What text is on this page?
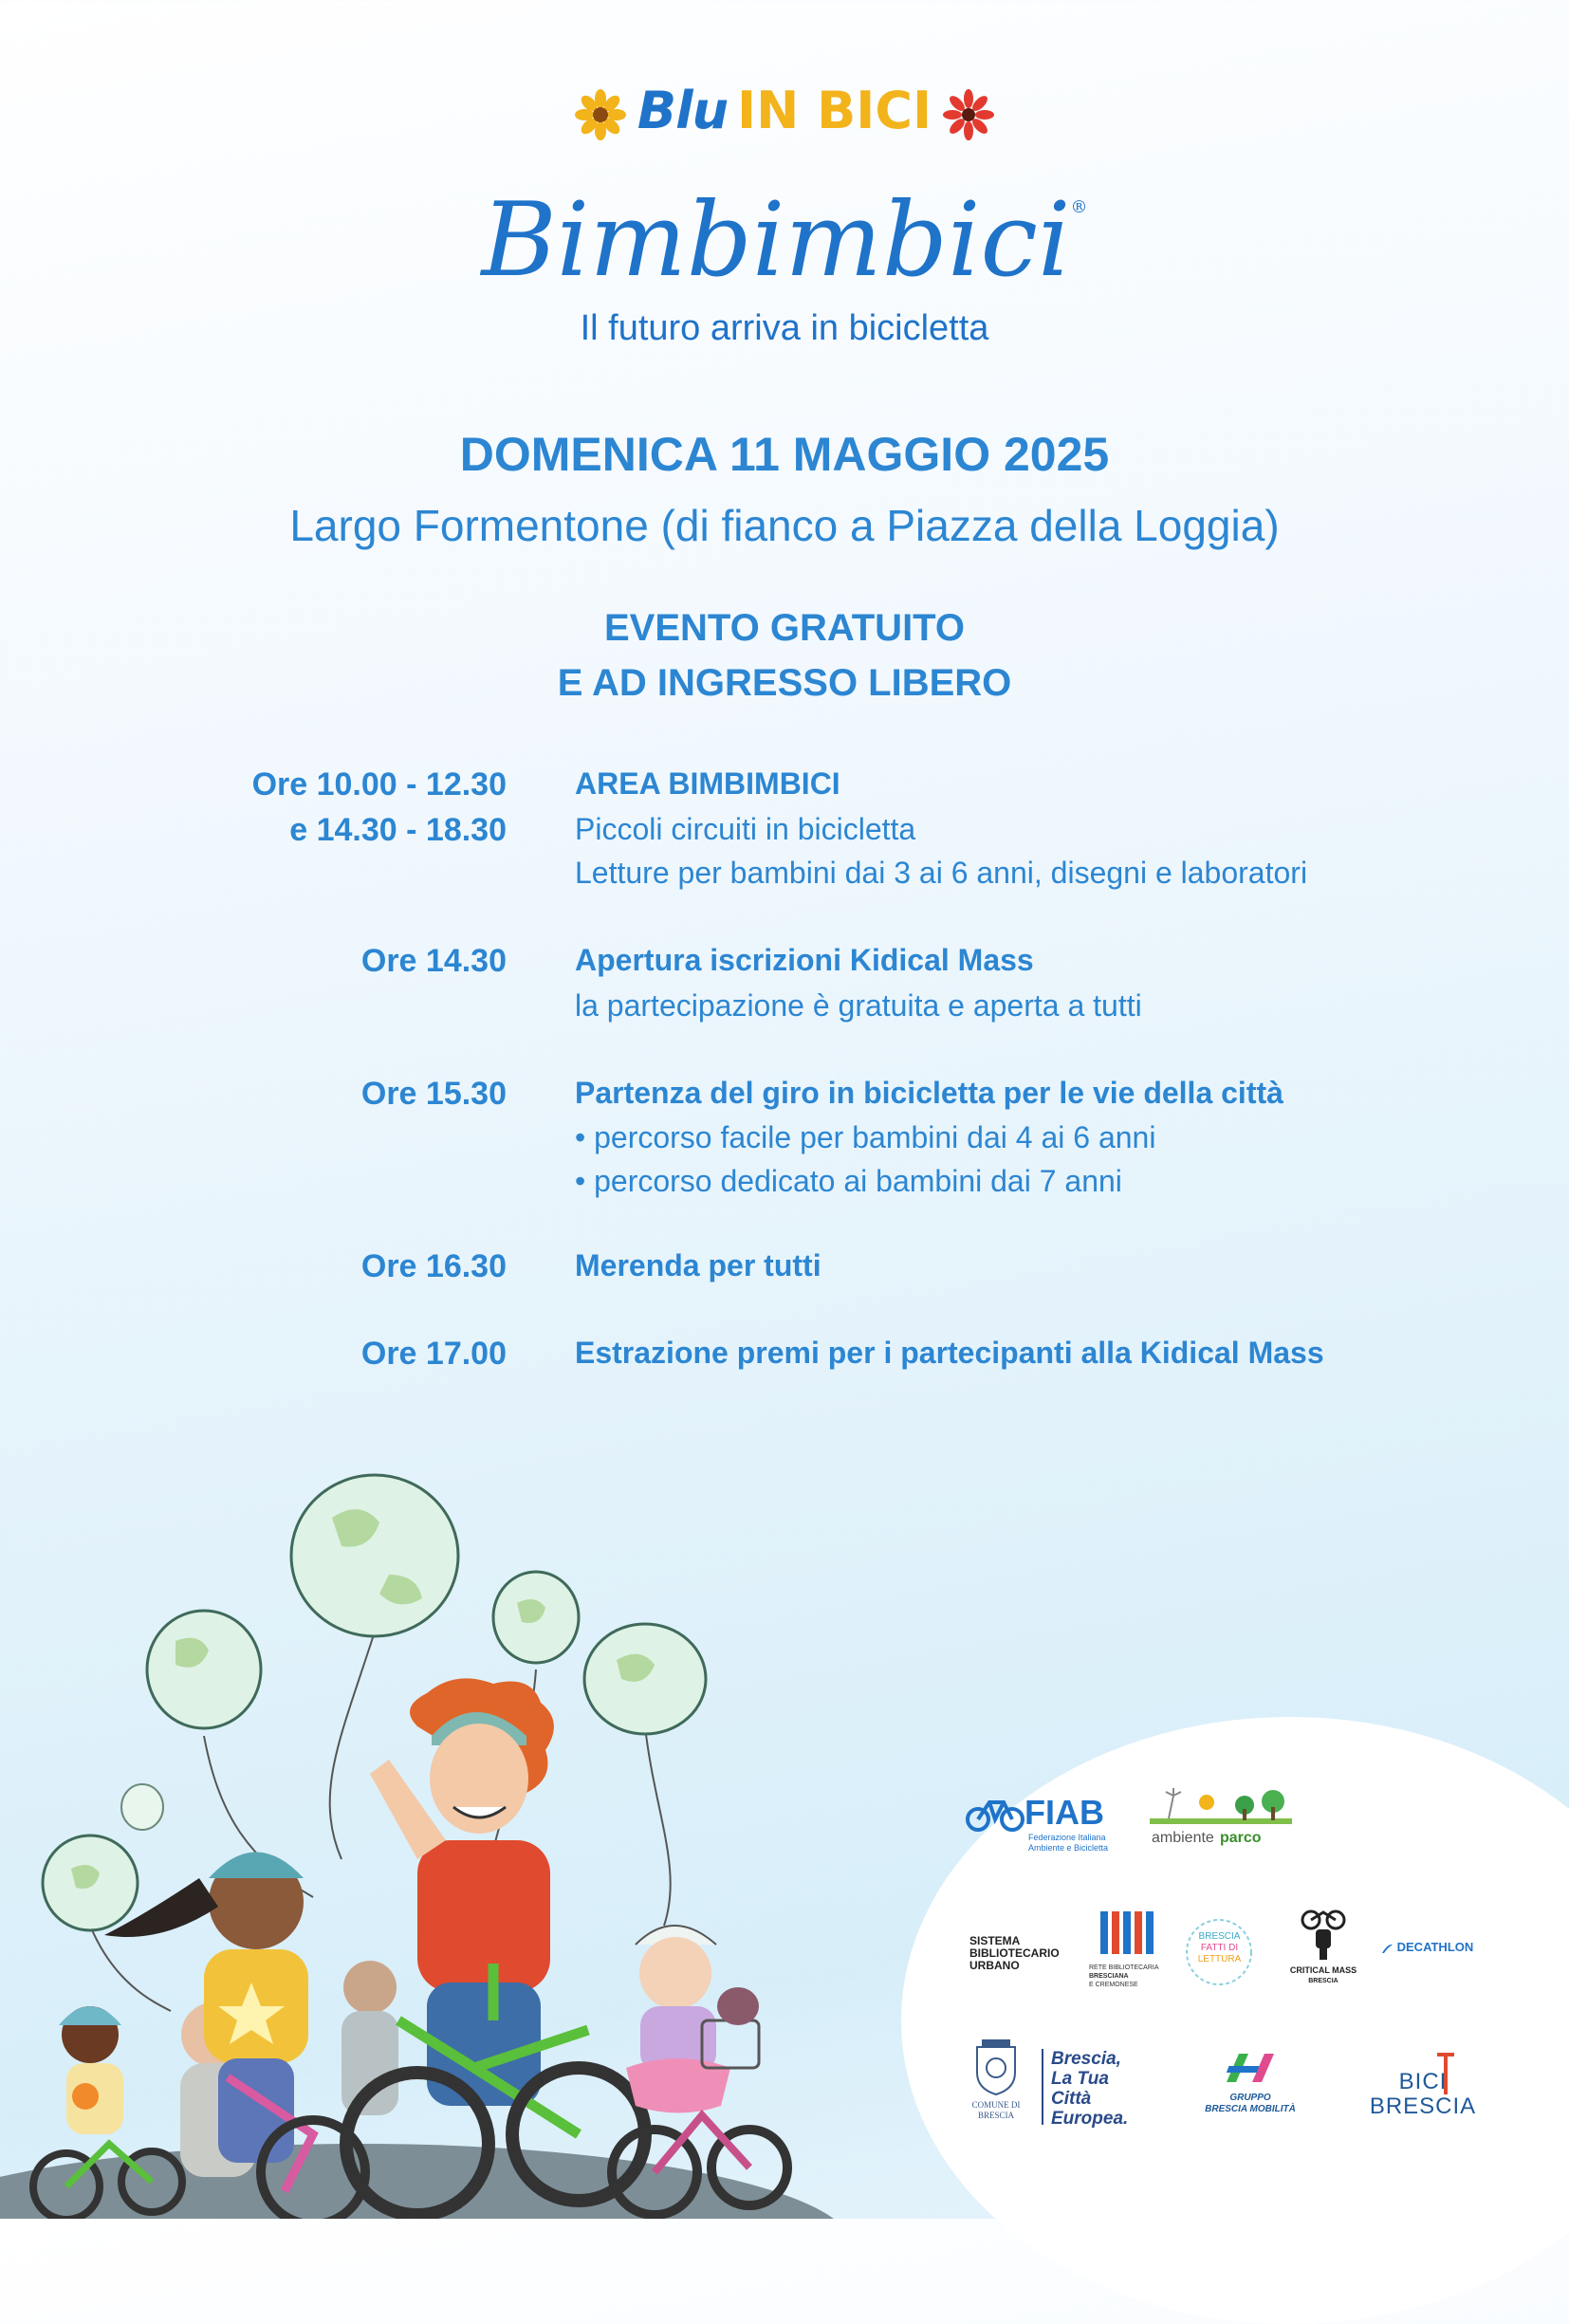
Blu IN BICI
Bimbimbici®
Il futuro arriva in bicicletta
DOMENICA 11 MAGGIO 2025
Largo Formentone (di fianco a Piazza della Loggia)
EVENTO GRATUITO
E AD INGRESSO LIBERO
Ore 10.00 - 12.30
e 14.30 - 18.30
AREA BIMBIMBICI
Piccoli circuiti in bicicletta
Letture per bambini dai 3 ai 6 anni, disegni e laboratori
Ore 14.30 Apertura iscrizioni Kidical Mass
la partecipazione è gratuita e aperta a tutti
Ore 15.30 Partenza del giro in bicicletta per le vie della città
• percorso facile per bambini dai 4 ai 6 anni
• percorso dedicato ai bambini dai 7 anni
Ore 16.30 Merenda per tutti
Ore 17.00 Estrazione premi per i partecipanti alla Kidical Mass
FIAB
Federazione Italiana
Ambiente e Bicicletta
ambiente parco
SISTEMA
BIBLIOTECARIO
URBANO	RETE BIBLIOTECARIA
BRESCIANA
E CREMONESE
BRESCIA
FATTI DI
LETTURA
CRITICAL MASS
BRESCIA
DECATHLON
COMUNE DI
BRESCIA
Brescia,
La Tua Città
Europea.
GRUPPO
BRESCIA MOBILITÀ
BICI
BRESCIA
